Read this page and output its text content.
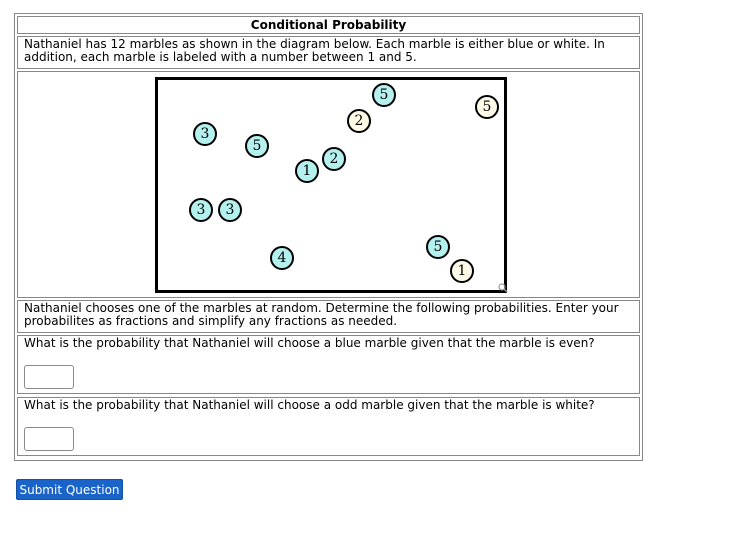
Conditional Probability
Nathaniel has 12 marbles as shown in the diagram below. Each marble is either blue or white. In addition, each marble is labeled with a number between 1 and 5.
5
2
5
3
2
1
5
3 3
4
5
1
Nathaniel chooses one of the marbles at random. Determine the following probabilities. Enter your probabilites as fractions and simplify any fractions as needed.
What is the probability that Nathaniel will choose a blue marble given that the marble is even?
What is the probability that Nathaniel will choose a odd marble given that the marble is white?
Submit Question
